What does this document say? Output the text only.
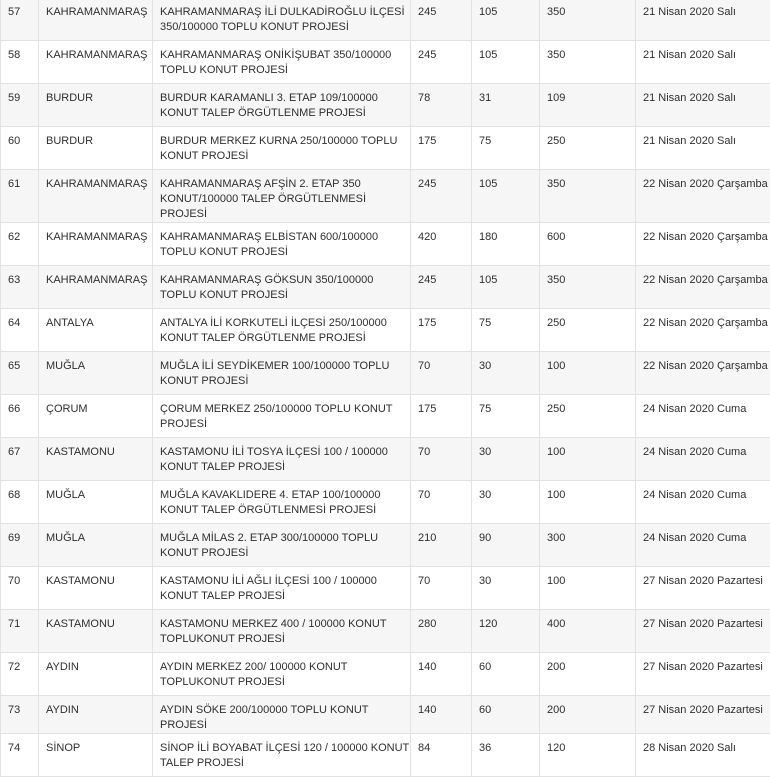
57	KAHRAMANMARAŞ	KAHRAMANMARAŞ İLİ DULKADİROĞLU İLÇESİ 350/100000 TOPLU KONUT PROJESİ	245	105	350	21 Nisan 2020 Salı
58	KAHRAMANMARAŞ	KAHRAMANMARAŞ ONİKİŞUBAT 350/100000 TOPLU KONUT PROJESİ	245	105	350	21 Nisan 2020 Salı
59	BURDUR	BURDUR KARAMANLI 3. ETAP 109/100000 KONUT TALEP ÖRGÜTLENME PROJESİ	78	31	109	21 Nisan 2020 Salı
60	BURDUR	BURDUR MERKEZ KURNA 250/100000 TOPLU KONUT PROJESİ	175	75	250	21 Nisan 2020 Salı
61	KAHRAMANMARAŞ	KAHRAMANMARAŞ AFŞİN 2. ETAP 350 KONUT/100000 TALEP ÖRGÜTLENMESİ PROJESİ	245	105	350	22 Nisan 2020 Çarşamba
62	KAHRAMANMARAŞ	KAHRAMANMARAŞ ELBİSTAN 600/100000 TOPLU KONUT PROJESİ	420	180	600	22 Nisan 2020 Çarşamba
63	KAHRAMANMARAŞ	KAHRAMANMARAŞ GÖKSUN 350/100000 TOPLU KONUT PROJESİ	245	105	350	22 Nisan 2020 Çarşamba
64	ANTALYA	ANTALYA İLİ KORKUTELİ İLÇESİ 250/100000 KONUT TALEP ÖRGÜTLENME PROJESİ	175	75	250	22 Nisan 2020 Çarşamba
65	MUĞLA	MUĞLA İLİ SEYDİKEMER 100/100000 TOPLU KONUT PROJESİ	70	30	100	22 Nisan 2020 Çarşamba
66	ÇORUM	ÇORUM MERKEZ 250/100000 TOPLU KONUT PROJESİ	175	75	250	24 Nisan 2020 Cuma
67	KASTAMONU	KASTAMONU İLİ TOSYA İLÇESİ 100 / 100000 KONUT TALEP PROJESİ	70	30	100	24 Nisan 2020 Cuma
68	MUĞLA	MUĞLA KAVAKLIDERE 4. ETAP 100/100000 KONUT TALEP ÖRGÜTLENMESİ PROJESİ	70	30	100	24 Nisan 2020 Cuma
69	MUĞLA	MUĞLA MİLAS 2. ETAP 300/100000 TOPLU KONUT PROJESİ	210	90	300	24 Nisan 2020 Cuma
70	KASTAMONU	KASTAMONU İLİ AĞLI İLÇESİ 100 / 100000 KONUT TALEP PROJESİ	70	30	100	27 Nisan 2020 Pazartesi
71	KASTAMONU	KASTAMONU MERKEZ 400 / 100000 KONUT TOPLUKONUT PROJESİ	280	120	400	27 Nisan 2020 Pazartesi
72	AYDIN	AYDIN MERKEZ 200/ 100000 KONUT TOPLUKONUT PROJESİ	140	60	200	27 Nisan 2020 Pazartesi
73	AYDIN	AYDIN SÖKE 200/100000 TOPLU KONUT PROJESİ	140	60	200	27 Nisan 2020 Pazartesi
74	SİNOP	SİNOP İLİ BOYABAT İLÇESİ 120 / 100000 KONUT TALEP PROJESİ	84	36	120	28 Nisan 2020 Salı
